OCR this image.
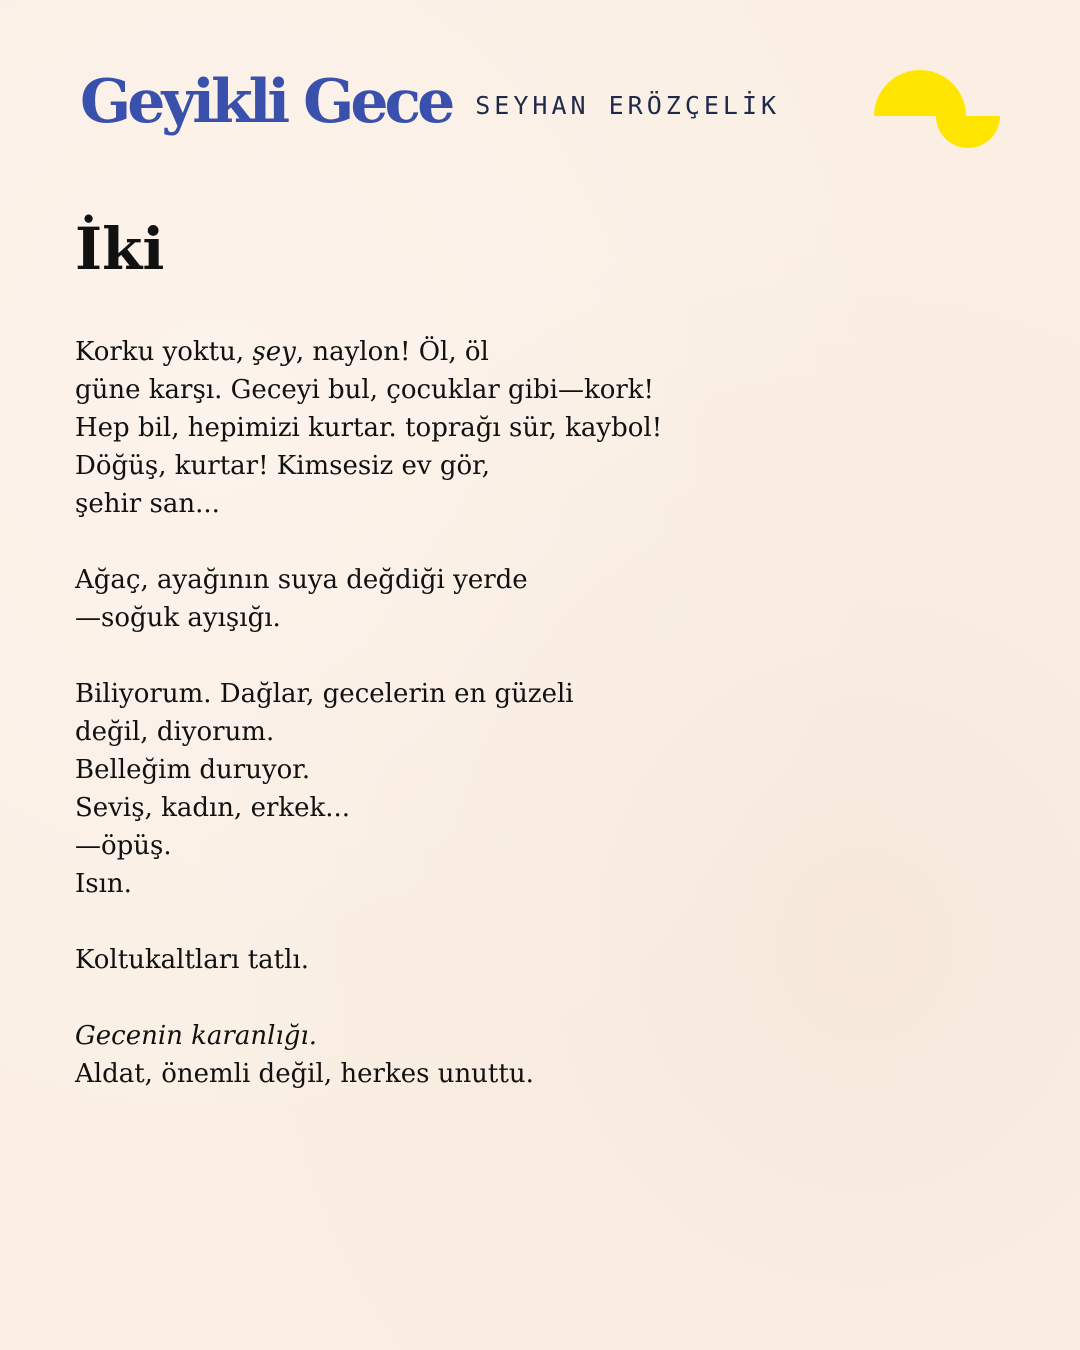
Geyikli Gece SEYHAN ERÖZÇELİK
İki
Korku yoktu, şey, naylon! Öl, öl
güne karşı. Geceyi bul, çocuklar gibi—kork!
Hep bil, hepimizi kurtar. toprağı sür, kaybol!
Döğüş, kurtar! Kimsesiz ev gör,
şehir san...
Ağaç, ayağının suya değdiği yerde
—soğuk ayışığı.
Biliyorum. Dağlar, gecelerin en güzeli
değil, diyorum.
Belleğim duruyor.
Seviş, kadın, erkek...
—öpüş.
Isın.
Koltukaltları tatlı.
Gecenin karanlığı.
Aldat, önemli değil, herkes unuttu.
